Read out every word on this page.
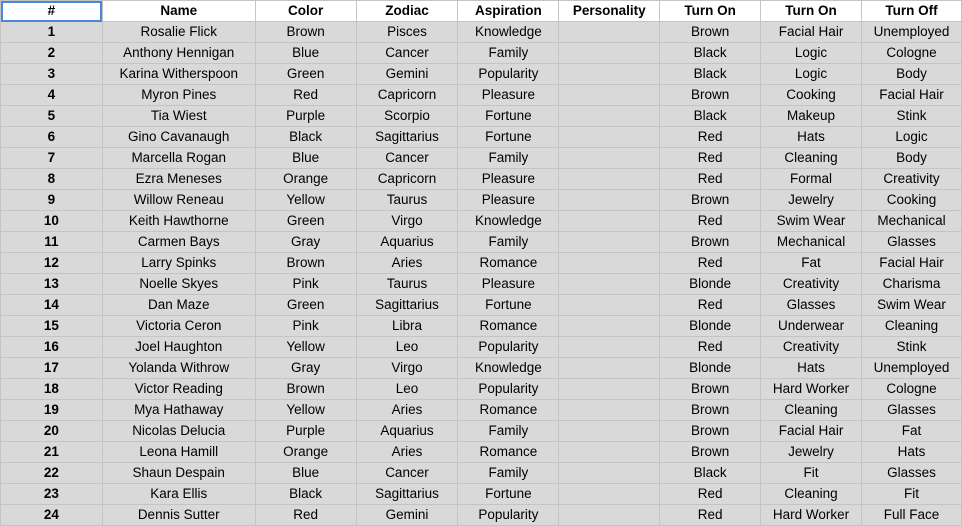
#	Name	Color	Zodiac	Aspiration	Personality	Turn On	Turn On	Turn Off
1	Rosalie Flick	Brown	Pisces	Knowledge		Brown	Facial Hair	Unemployed
2	Anthony Hennigan	Blue	Cancer	Family		Black	Logic	Cologne
3	Karina Witherspoon	Green	Gemini	Popularity		Black	Logic	Body
4	Myron Pines	Red	Capricorn	Pleasure		Brown	Cooking	Facial Hair
5	Tia Wiest	Purple	Scorpio	Fortune		Black	Makeup	Stink
6	Gino Cavanaugh	Black	Sagittarius	Fortune		Red	Hats	Logic
7	Marcella Rogan	Blue	Cancer	Family		Red	Cleaning	Body
8	Ezra Meneses	Orange	Capricorn	Pleasure		Red	Formal	Creativity
9	Willow Reneau	Yellow	Taurus	Pleasure		Brown	Jewelry	Cooking
10	Keith Hawthorne	Green	Virgo	Knowledge		Red	Swim Wear	Mechanical
11	Carmen Bays	Gray	Aquarius	Family		Brown	Mechanical	Glasses
12	Larry Spinks	Brown	Aries	Romance		Red	Fat	Facial Hair
13	Noelle Skyes	Pink	Taurus	Pleasure		Blonde	Creativity	Charisma
14	Dan Maze	Green	Sagittarius	Fortune		Red	Glasses	Swim Wear
15	Victoria Ceron	Pink	Libra	Romance		Blonde	Underwear	Cleaning
16	Joel Haughton	Yellow	Leo	Popularity		Red	Creativity	Stink
17	Yolanda Withrow	Gray	Virgo	Knowledge		Blonde	Hats	Unemployed
18	Victor Reading	Brown	Leo	Popularity		Brown	Hard Worker	Cologne
19	Mya Hathaway	Yellow	Aries	Romance		Brown	Cleaning	Glasses
20	Nicolas Delucia	Purple	Aquarius	Family		Brown	Facial Hair	Fat
21	Leona Hamill	Orange	Aries	Romance		Brown	Jewelry	Hats
22	Shaun Despain	Blue	Cancer	Family		Black	Fit	Glasses
23	Kara Ellis	Black	Sagittarius	Fortune		Red	Cleaning	Fit
24	Dennis Sutter	Red	Gemini	Popularity		Red	Hard Worker	Full Face
